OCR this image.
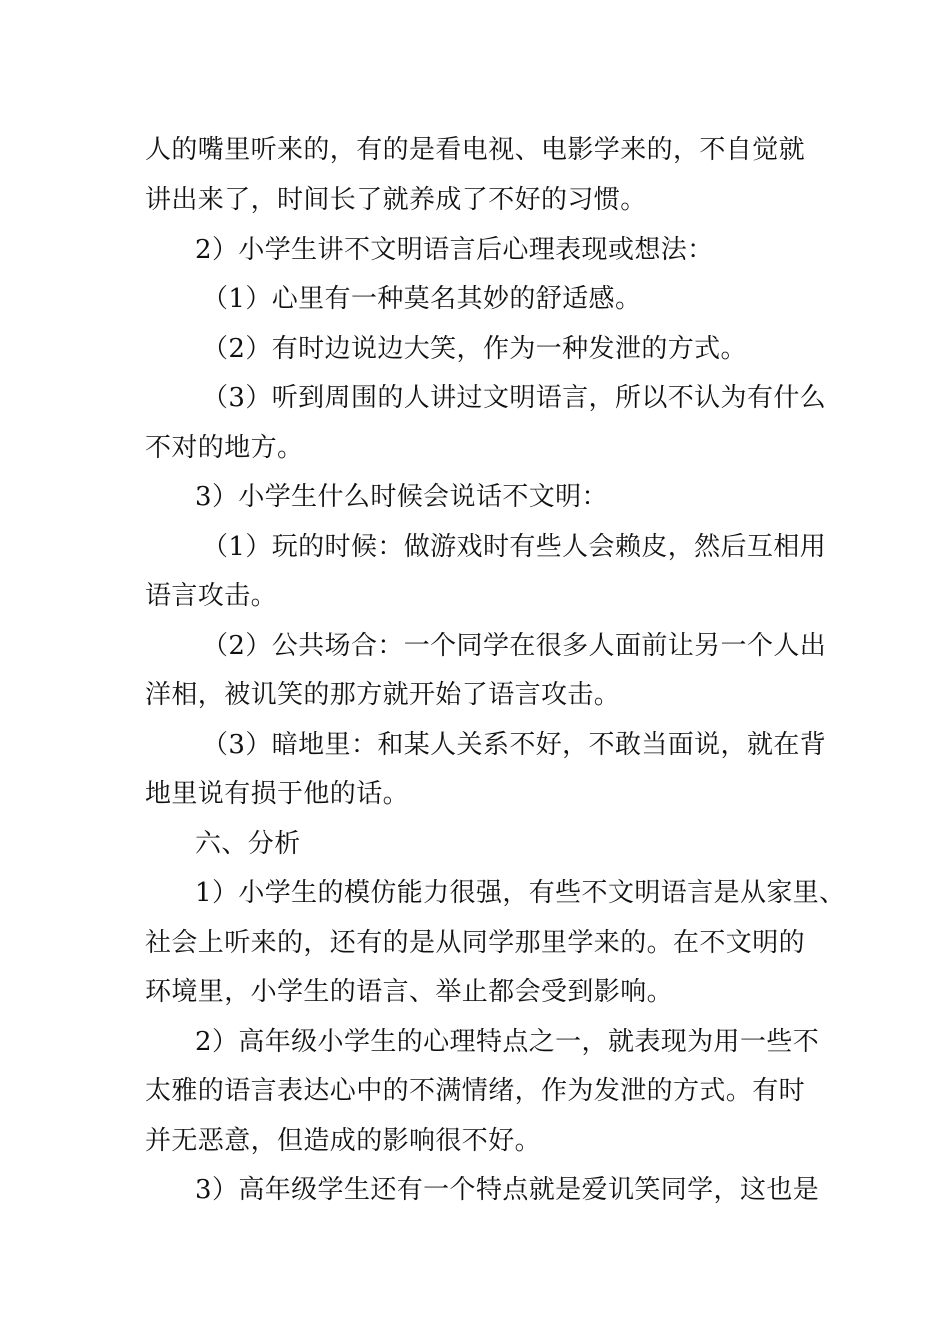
人的嘴里听来的，有的是看电视、电影学来的，不自觉就
讲出来了，时间长了就养成了不好的习惯。
2）小学生讲不文明语言后心理表现或想法：
（1）心里有一种莫名其妙的舒适感。
（2）有时边说边大笑，作为一种发泄的方式。
（3）听到周围的人讲过文明语言，所以不认为有什么
不对的地方。
3）小学生什么时候会说话不文明：
（1）玩的时候：做游戏时有些人会赖皮，然后互相用
语言攻击。
（2）公共场合：一个同学在很多人面前让另一个人出
洋相，被讥笑的那方就开始了语言攻击。
（3）暗地里：和某人关系不好，不敢当面说，就在背
地里说有损于他的话。
六、分析
1）小学生的模仿能力很强，有些不文明语言是从家里、
社会上听来的，还有的是从同学那里学来的。在不文明的
环境里，小学生的语言、举止都会受到影响。
2）高年级小学生的心理特点之一，就表现为用一些不
太雅的语言表达心中的不满情绪，作为发泄的方式。有时
并无恶意，但造成的影响很不好。
3）高年级学生还有一个特点就是爱讥笑同学，这也是
